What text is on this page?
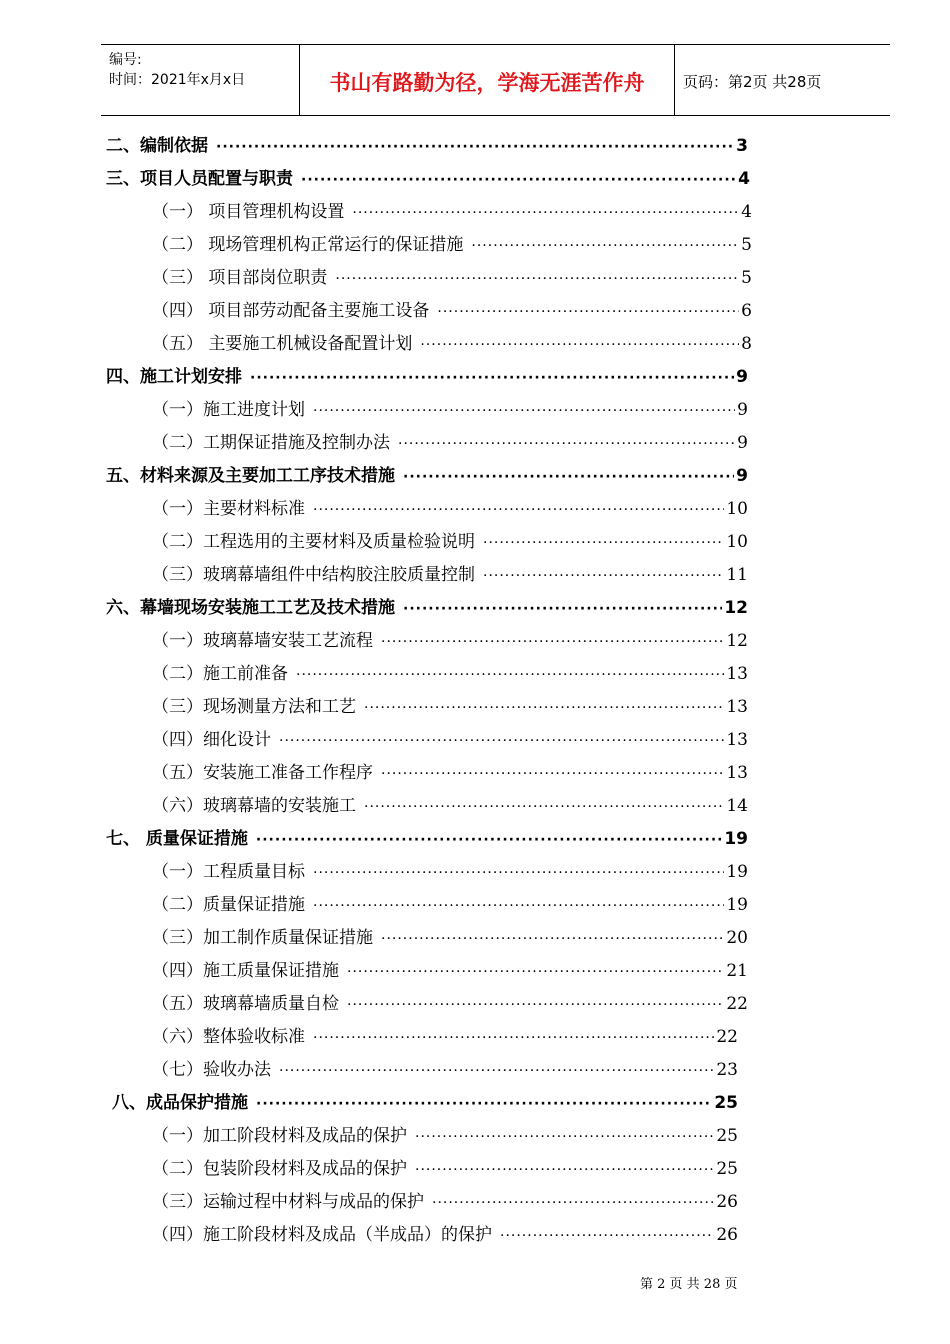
编号:
时间：2021年x月x日	书山有路勤为径，学海无涯苦作舟	页码：第2页 共28页
二、编制依据 ·····	3
三、项目人员配置与职责 ·····	4
（一） 项目管理机构设置 ·····	4
（二） 现场管理机构正常运行的保证措施 ·····	5
（三） 项目部岗位职责 ·····	5
（四） 项目部劳动配备主要施工设备 ·····	6
（五） 主要施工机械设备配置计划 ·····	8
四、施工计划安排 ·····	9
（一）施工进度计划 ·····	9
（二）工期保证措施及控制办法 ·····	9
五、材料来源及主要加工工序技术措施 ·····	9
（一）主要材料标准 ·····	10
（二）工程选用的主要材料及质量检验说明 ·····	10
（三）玻璃幕墙组件中结构胶注胶质量控制 ·····	11
六、幕墙现场安装施工工艺及技术措施 ·····	12
（一）玻璃幕墙安装工艺流程 ·····	12
（二）施工前准备 ·····	13
（三）现场测量方法和工艺 ·····	13
（四）细化设计 ·····	13
（五）安装施工准备工作程序 ·····	13
（六）玻璃幕墙的安装施工 ·····	14
七、 质量保证措施 ·····	19
（一）工程质量目标 ·····	19
（二）质量保证措施 ·····	19
（三）加工制作质量保证措施 ·····	20
（四）施工质量保证措施 ·····	21
（五）玻璃幕墙质量自检 ·····	22
（六）整体验收标准 ·····	22
（七）验收办法 ·····	23
八、成品保护措施 ·····	25
（一）加工阶段材料及成品的保护 ·····	25
（二）包装阶段材料及成品的保护 ·····	25
（三）运输过程中材料与成品的保护 ·····	26
（四）施工阶段材料及成品（半成品）的保护 ·····	26
第 2 页 共 28 页
